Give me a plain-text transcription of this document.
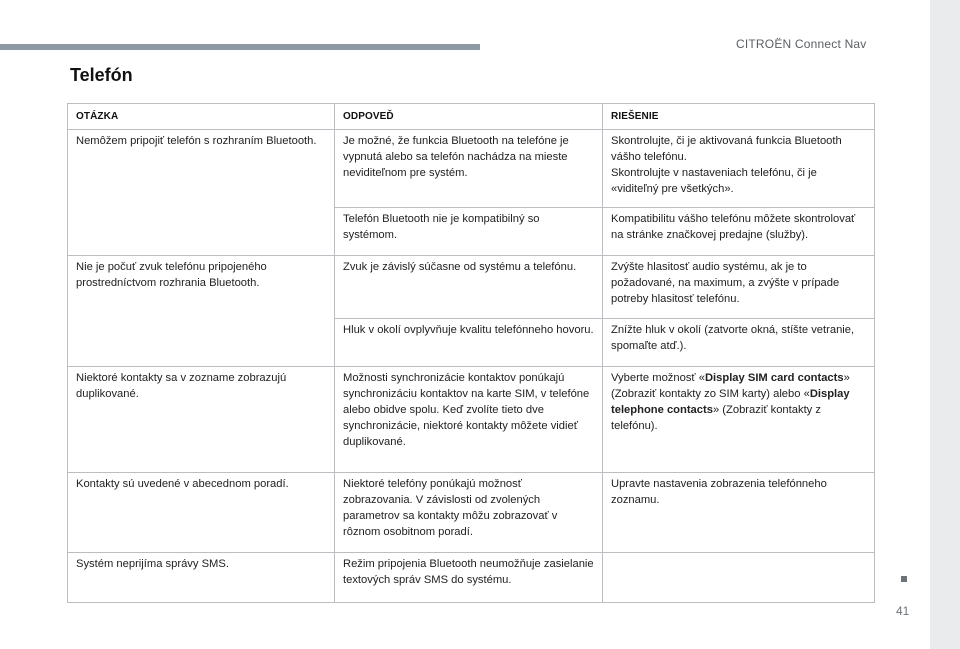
CITROËN Connect Nav
41
Telefón
OTÁZKA	ODPOVEĎ	RIEŠENIE
Nemôžem pripojiť telefón s rozhraním Bluetooth.	Je možné, že funkcia Bluetooth na telefóne je vypnutá alebo sa telefón nachádza na mieste neviditeľnom pre systém.	Skontrolujte, či je aktivovaná funkcia Bluetooth vášho telefónu.
Skontrolujte v nastaveniach telefónu, či je «viditeľný pre všetkých».

	Telefón Bluetooth nie je kompatibilný so systémom.	Kompatibilitu vášho telefónu môžete skontrolovať na stránke značkovej predajne (služby).
Nie je počuť zvuk telefónu pripojeného prostredníctvom rozhrania Bluetooth.	Zvuk je závislý súčasne od systému a telefónu.	Zvýšte hlasitosť audio systému, ak je to požadované, na maximum, a zvýšte v prípade potreby hlasitosť telefónu.
	Hluk v okolí ovplyvňuje kvalitu telefónneho hovoru.	Znížte hluk v okolí (zatvorte okná, stíšte vetranie, spomaľte atď.).
Niektoré kontakty sa v zozname zobrazujú duplikované.	Možnosti synchronizácie kontaktov ponúkajú synchronizáciu kontaktov na karte SIM, v telefóne alebo obidve spolu. Keď zvolíte tieto dve synchronizácie, niektoré kontakty môžete vidieť duplikované.	Vyberte možnosť «Display SIM card contacts» (Zobraziť kontakty zo SIM karty) alebo «Display telephone contacts» (Zobraziť kontakty z telefónu).
Kontakty sú uvedené v abecednom poradí.	Niektoré telefóny ponúkajú možnosť zobrazovania. V závislosti od zvolených parametrov sa kontakty môžu zobrazovať v rôznom osobitnom poradí.	Upravte nastavenia zobrazenia telefónneho zoznamu.
Systém neprijíma správy SMS.	Režim pripojenia Bluetooth neumožňuje zasielanie textových správ SMS do systému.	
